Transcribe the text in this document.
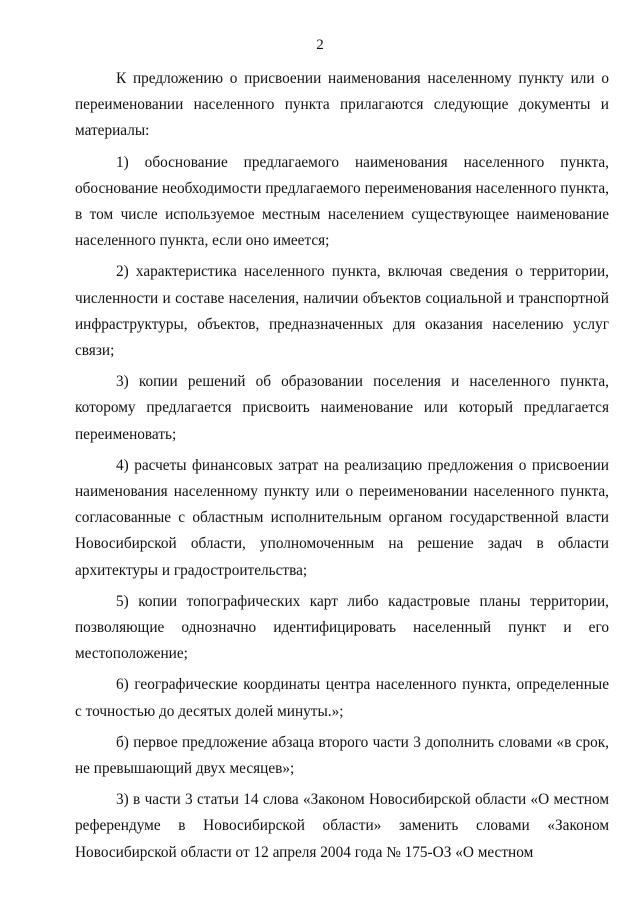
2

К предложению о присвоении наименования населенному пункту или о переименовании населенного пункта прилагаются следующие документы и материалы:

1) обоснование предлагаемого наименования населенного пункта, обоснование необходимости предлагаемого переименования населенного пункта, в том числе используемое местным населением существующее наименование населенного пункта, если оно имеется;

2) характеристика населенного пункта, включая сведения о территории, численности и составе населения, наличии объектов социальной и транспортной инфраструктуры, объектов, предназначенных для оказания населению услуг связи;

3) копии решений об образовании поселения и населенного пункта, которому предлагается присвоить наименование или который предлагается переименовать;

4) расчеты финансовых затрат на реализацию предложения о присвоении наименования населенному пункту или о переименовании населенного пункта, согласованные с областным исполнительным органом государственной власти Новосибирской области, уполномоченным на решение задач в области архитектуры и градостроительства;

5) копии топографических карт либо кадастровые планы территории, позволяющие однозначно идентифицировать населенный пункт и его местоположение;

6) географические координаты центра населенного пункта, определенные с точностью до десятых долей минуты.»;

б) первое предложение абзаца второго части 3 дополнить словами «в срок, не превышающий двух месяцев»;

3) в части 3 статьи 14 слова «Законом Новосибирской области «О местном референдуме в Новосибирской области» заменить словами «Законом Новосибирской области от 12 апреля 2004 года № 175-ОЗ «О местном
